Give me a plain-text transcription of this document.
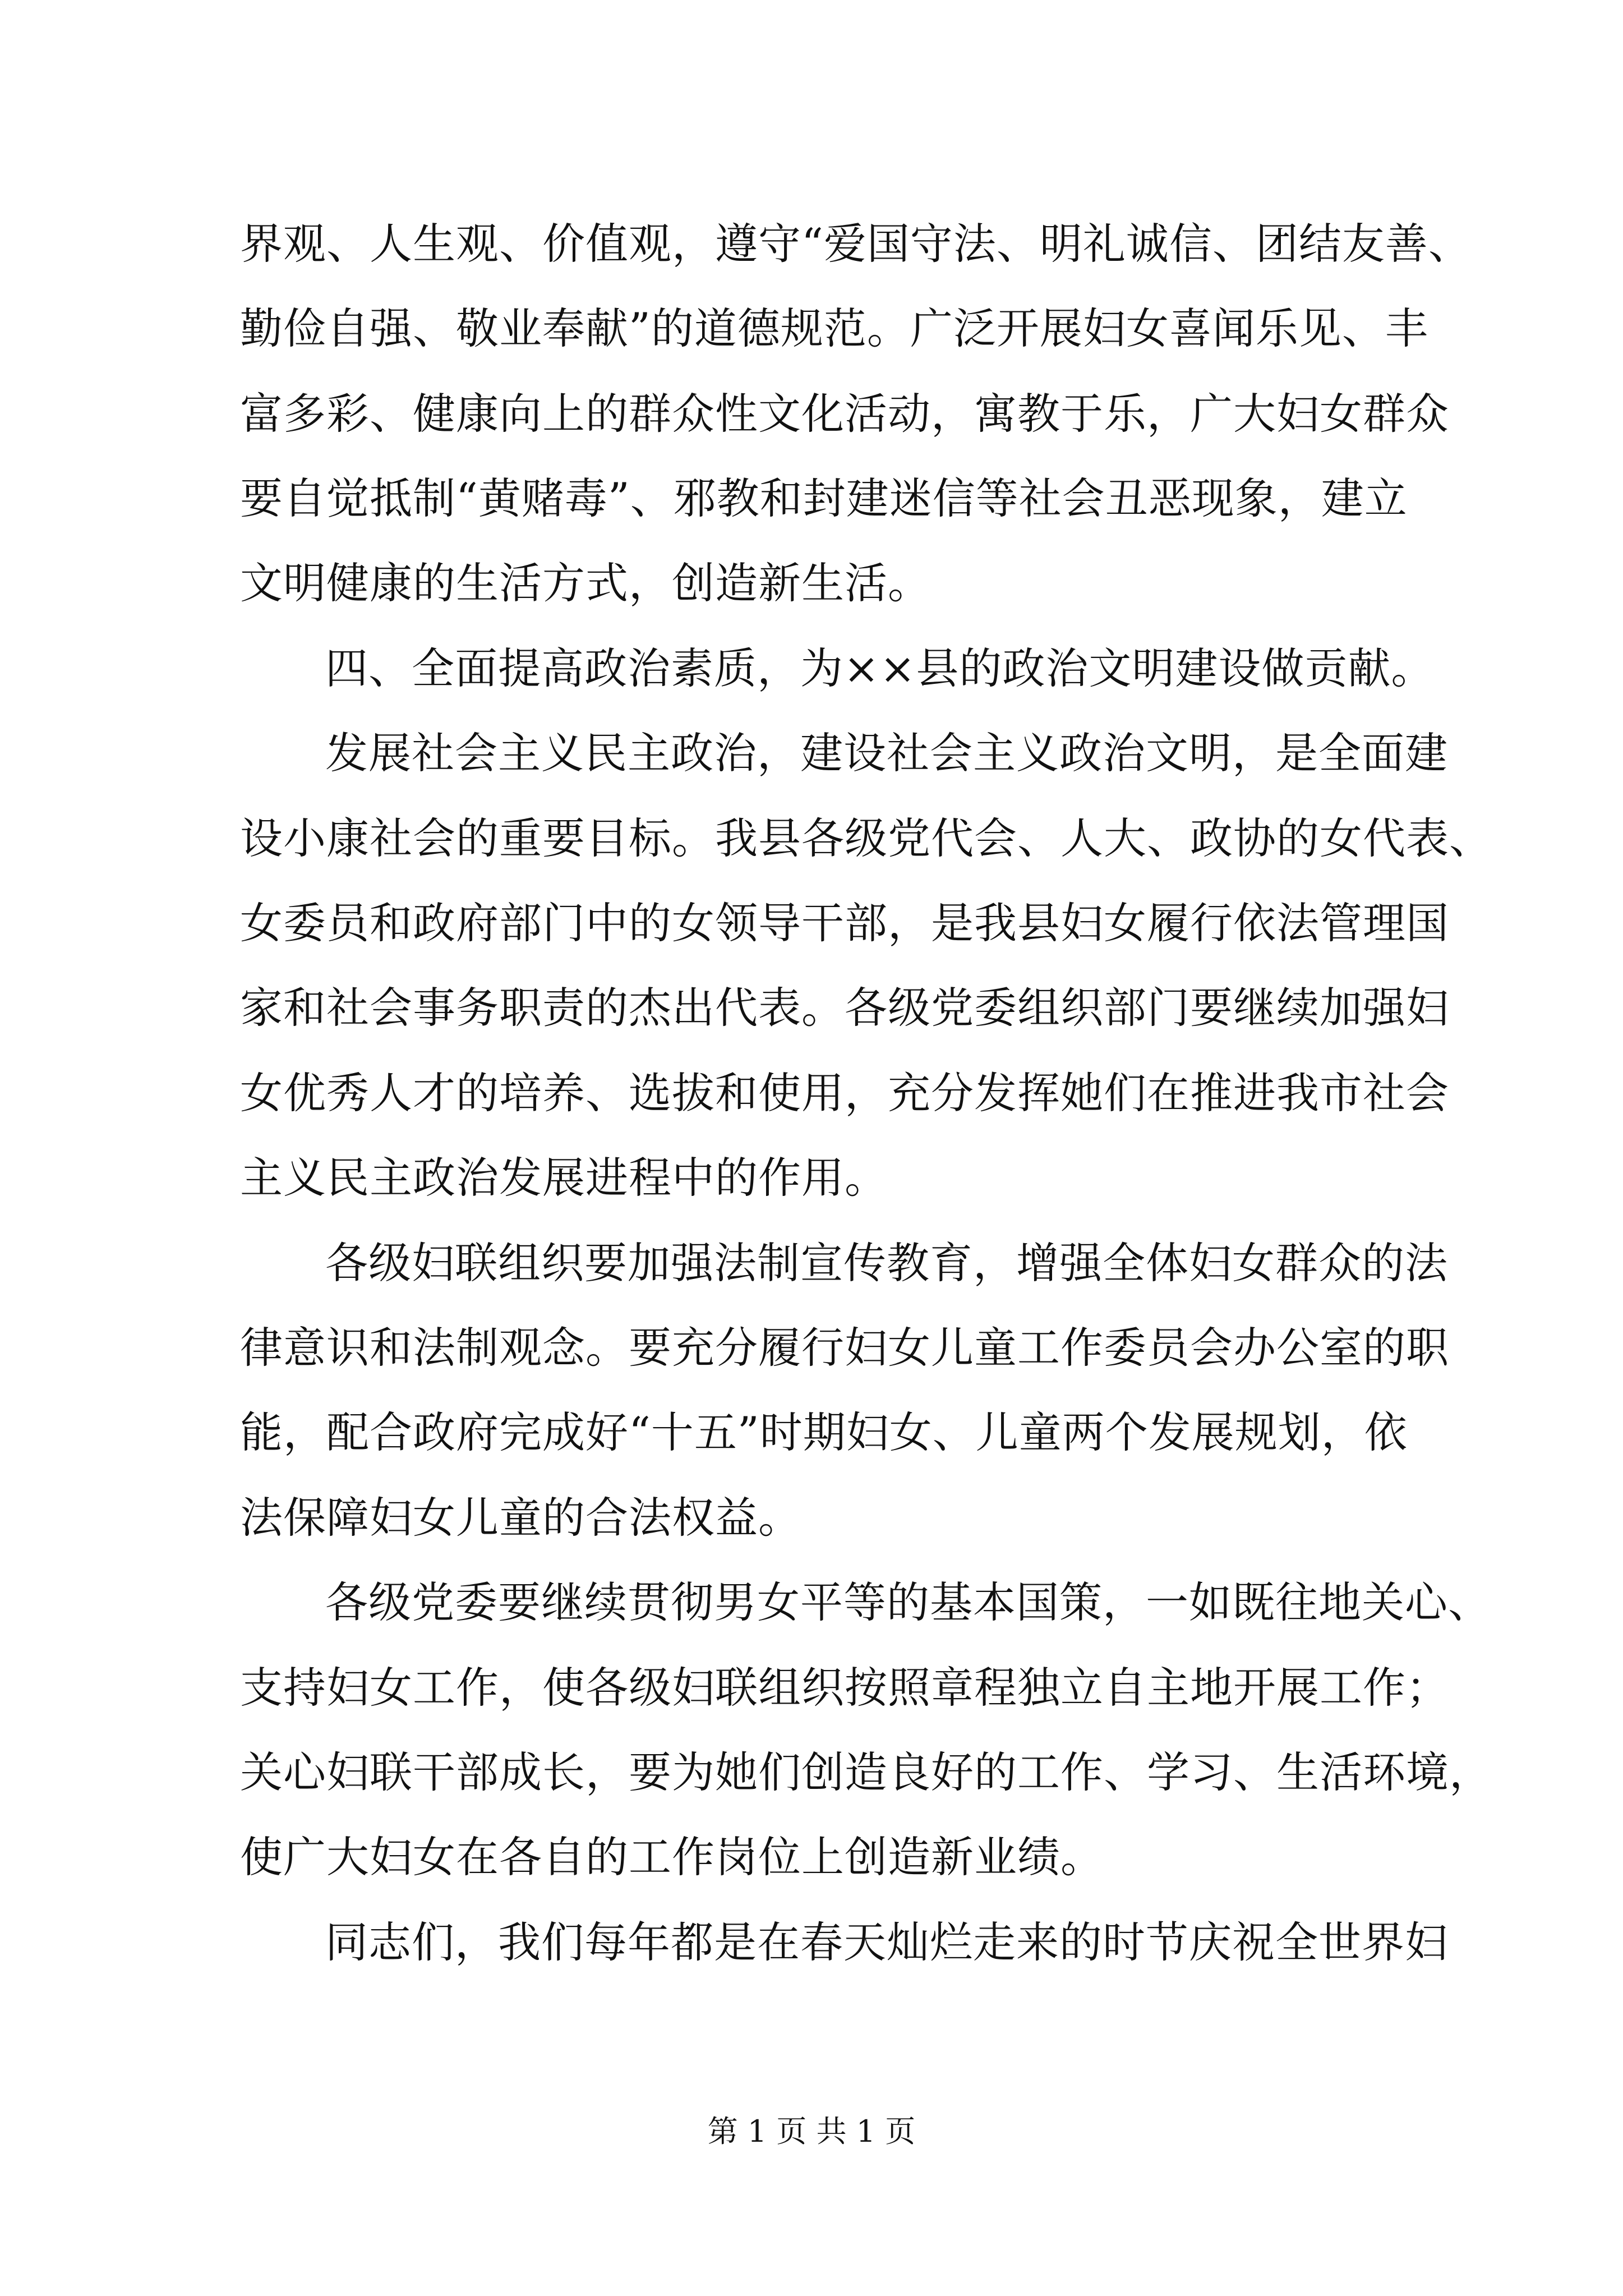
界观、人生观、价值观，遵守“爱国守法、明礼诚信、团结友善、
勤俭自强、敬业奉献”的道德规范。广泛开展妇女喜闻乐见、丰
富多彩、健康向上的群众性文化活动，寓教于乐，广大妇女群众
要自觉抵制“黄赌毒”、邪教和封建迷信等社会丑恶现象，建立
文明健康的生活方式，创造新生活。
四、全面提高政治素质，为××县的政治文明建设做贡献。
发展社会主义民主政治，建设社会主义政治文明，是全面建
设小康社会的重要目标。我县各级党代会、人大、政协的女代表、
女委员和政府部门中的女领导干部，是我县妇女履行依法管理国
家和社会事务职责的杰出代表。各级党委组织部门要继续加强妇
女优秀人才的培养、选拔和使用，充分发挥她们在推进我市社会
主义民主政治发展进程中的作用。
各级妇联组织要加强法制宣传教育，增强全体妇女群众的法
律意识和法制观念。要充分履行妇女儿童工作委员会办公室的职
能，配合政府完成好“十五”时期妇女、儿童两个发展规划，依
法保障妇女儿童的合法权益。
各级党委要继续贯彻男女平等的基本国策，一如既往地关心、
支持妇女工作，使各级妇联组织按照章程独立自主地开展工作；
关心妇联干部成长，要为她们创造良好的工作、学习、生活环境，
使广大妇女在各自的工作岗位上创造新业绩。
同志们，我们每年都是在春天灿烂走来的时节庆祝全世界妇
第 1 页 共 1 页
